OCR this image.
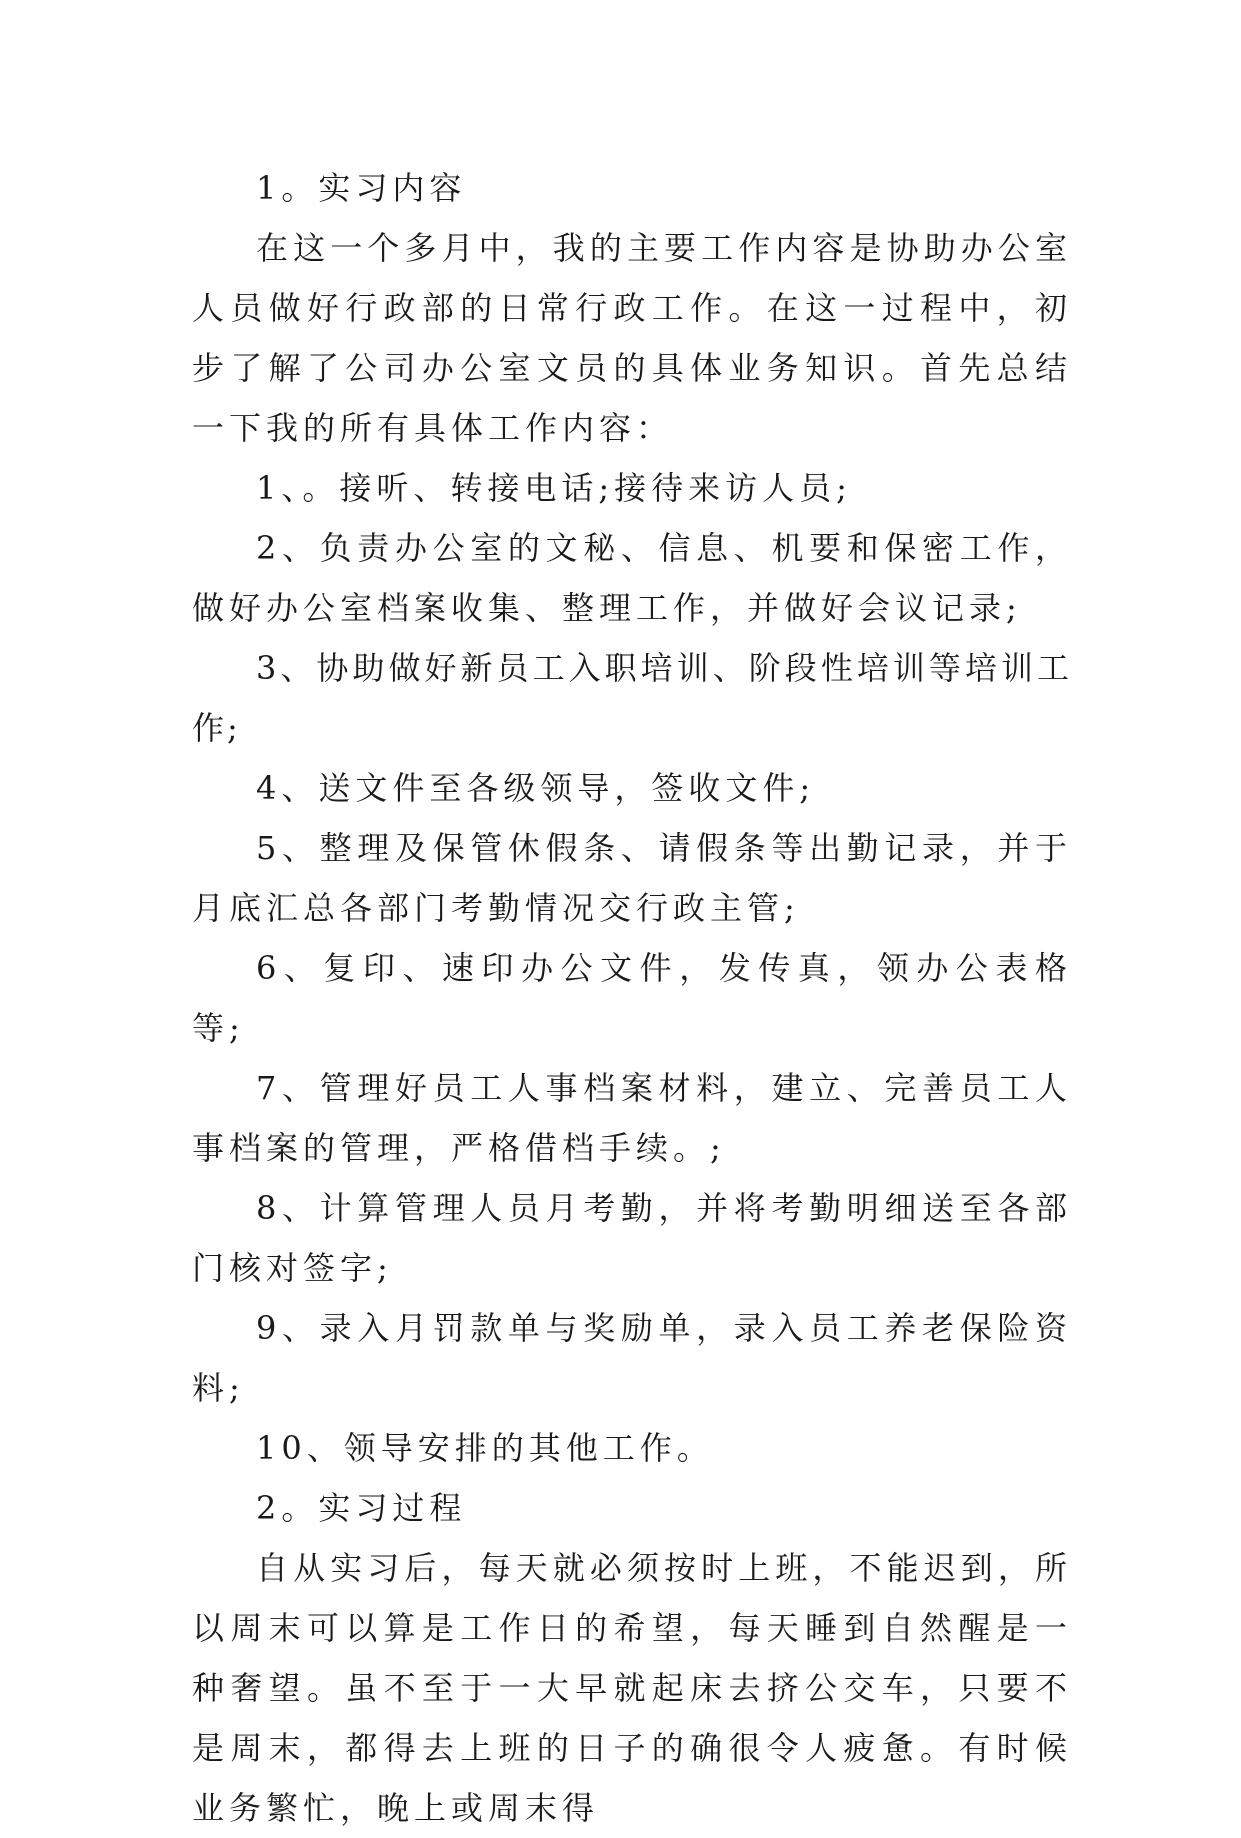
1。实习内容

在这一个多月中，我的主要工作内容是协助办公室人员做好行政部的日常行政工作。在这一过程中，初步了解了公司办公室文员的具体业务知识。首先总结一下我的所有具体工作内容：

1、。接听、转接电话;接待来访人员;

2、负责办公室的文秘、信息、机要和保密工作，做好办公室档案收集、整理工作，并做好会议记录;

3、协助做好新员工入职培训、阶段性培训等培训工作;

4、送文件至各级领导，签收文件;

5、整理及保管休假条、请假条等出勤记录，并于月底汇总各部门考勤情况交行政主管;

6、复印、速印办公文件，发传真，领办公表格等;

7、管理好员工人事档案材料，建立、完善员工人事档案的管理，严格借档手续。;

8、计算管理人员月考勤，并将考勤明细送至各部门核对签字;

9、录入月罚款单与奖励单，录入员工养老保险资料;

10、领导安排的其他工作。

2。实习过程

自从实习后，每天就必须按时上班，不能迟到，所以周末可以算是工作日的希望，每天睡到自然醒是一种奢望。虽不至于一大早就起床去挤公交车，只要不是周末，都得去上班的日子的确很令人疲惫。有时候业务繁忙，晚上或周末得
